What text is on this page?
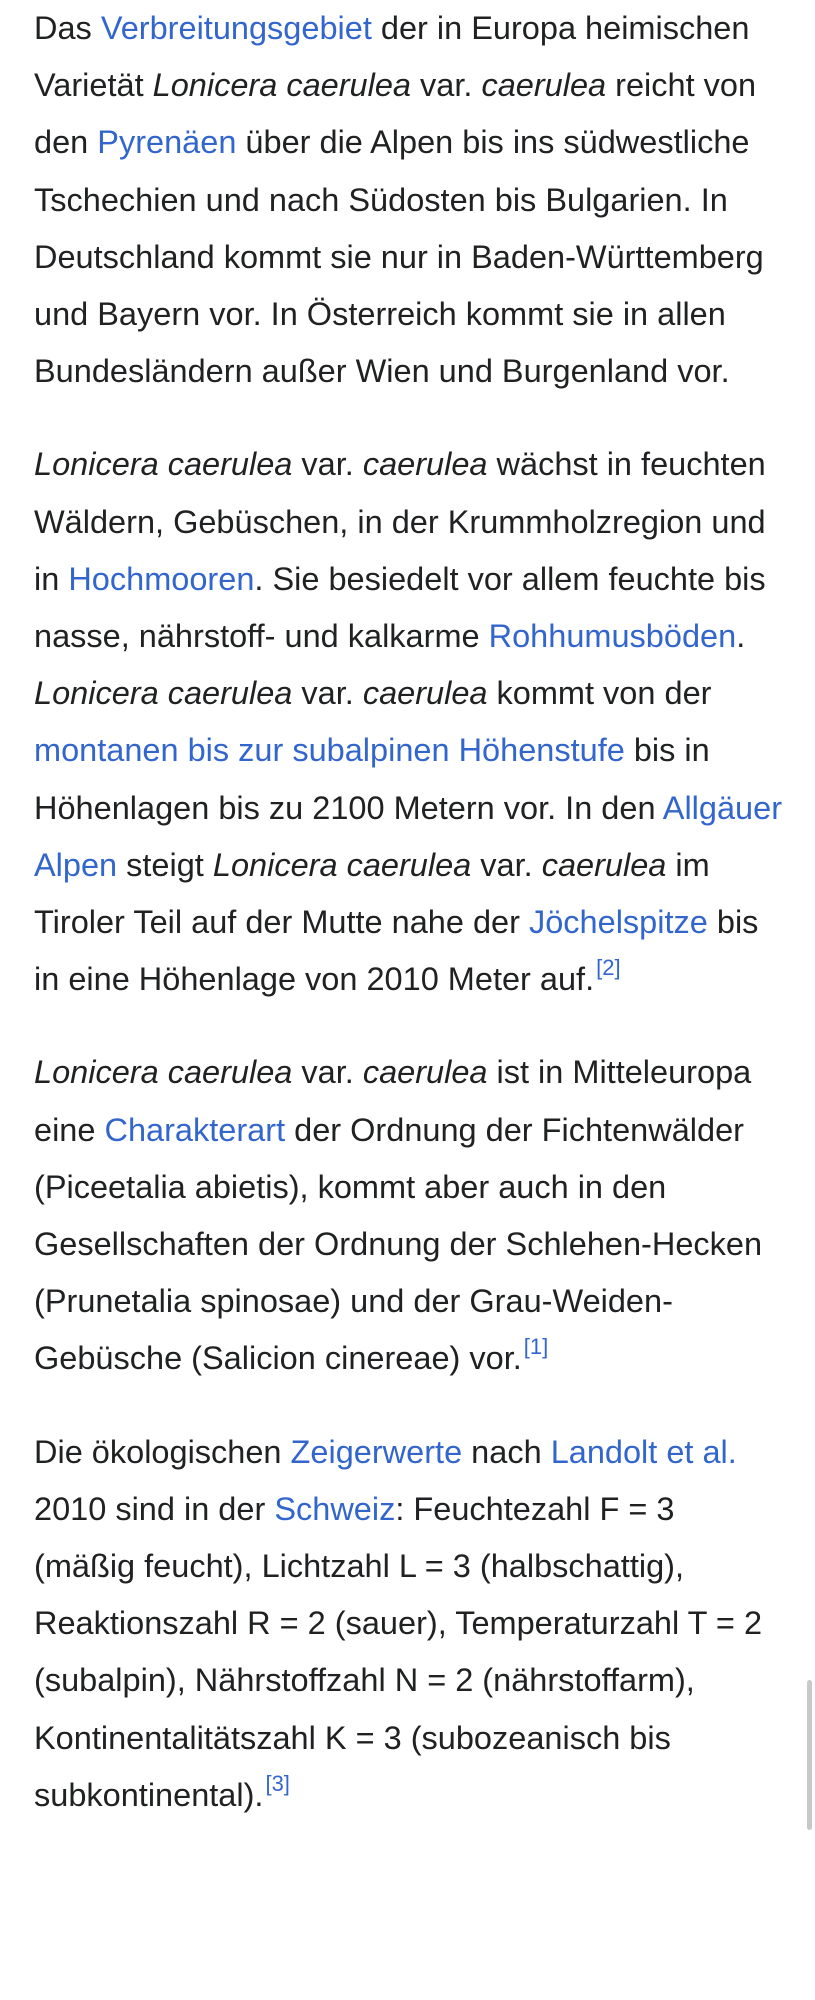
Das Verbreitungsgebiet der in Europa heimischen Varietät Lonicera caerulea var. caerulea reicht von den Pyrenäen über die Alpen bis ins südwestliche Tschechien und nach Südosten bis Bulgarien. In Deutschland kommt sie nur in Baden-Württemberg und Bayern vor. In Österreich kommt sie in allen Bundesländern außer Wien und Burgenland vor.

Lonicera caerulea var. caerulea wächst in feuchten Wäldern, Gebüschen, in der Krummholzregion und in Hochmooren. Sie besiedelt vor allem feuchte bis nasse, nährstoff- und kalkarme Rohhumusböden. Lonicera caerulea var. caerulea kommt von der montanen bis zur subalpinen Höhenstufe bis in Höhenlagen bis zu 2100 Metern vor. In den Allgäuer Alpen steigt Lonicera caerulea var. caerulea im Tiroler Teil auf der Mutte nahe der Jöchelspitze bis in eine Höhenlage von 2010 Meter auf.[2]

Lonicera caerulea var. caerulea ist in Mitteleuropa eine Charakterart der Ordnung der Fichtenwälder (Piceetalia abietis), kommt aber auch in den Gesellschaften der Ordnung der Schlehen-Hecken (Prunetalia spinosae) und der Grau-Weiden-Gebüsche (Salicion cinereae) vor.[1]

Die ökologischen Zeigerwerte nach Landolt et al. 2010 sind in der Schweiz: Feuchtezahl F = 3 (mäßig feucht), Lichtzahl L = 3 (halbschattig), Reaktionszahl R = 2 (sauer), Temperaturzahl T = 2 (subalpin), Nährstoffzahl N = 2 (nährstoffarm), Kontinentalitätszahl K = 3 (subozeanisch bis subkontinental).[3]
